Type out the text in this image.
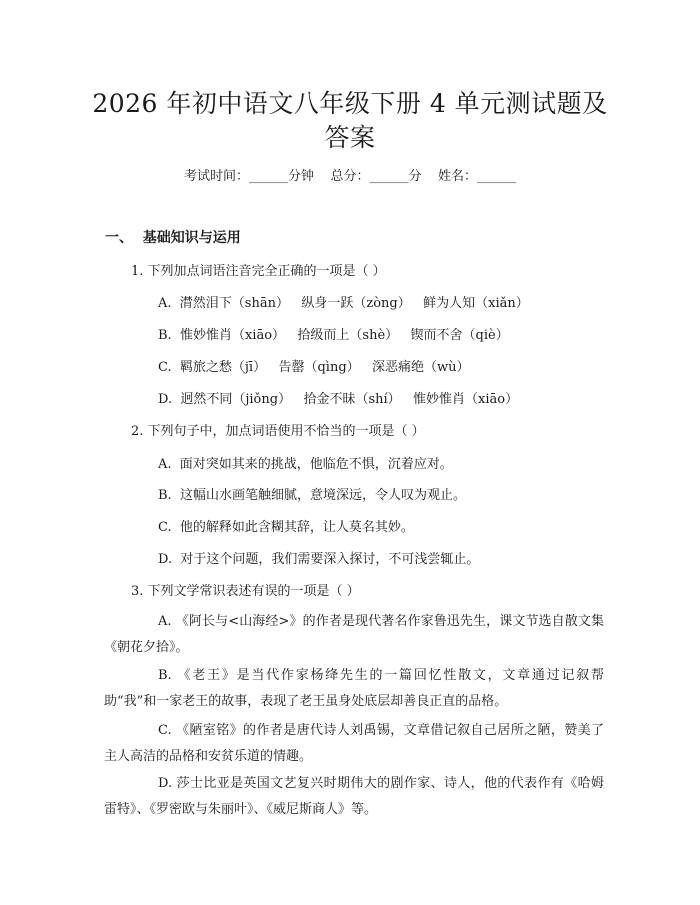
2026 年初中语文八年级下册 4 单元测试题及
答案
考试时间：______分钟    总分：______分    姓名：______
一、  基础知识与运用
1. 下列加点词语注音完全正确的一项是（ ）
A.  潸然泪下（shān）   纵身一跃（zòng）   鲜为人知（xiǎn）
B.  惟妙惟肖（xiāo）   拾级而上（shè）   锲而不舍（qiè）
C.  羁旅之愁（jī）   告罄（qìng）   深恶痛绝（wù）
D.  迥然不同（jiǒng）   拾金不昧（shí）   惟妙惟肖（xiāo）
2. 下列句子中，加点词语使用不恰当的一项是（ ）
A.  面对突如其来的挑战，他临危不惧，沉着应对。
B.  这幅山水画笔触细腻，意境深远，令人叹为观止。
C.  他的解释如此含糊其辞，让人莫名其妙。
D.  对于这个问题，我们需要深入探讨，不可浅尝辄止。
3. 下列文学常识表述有误的一项是（ ）
A. 《阿长与<山海经>》的作者是现代著名作家鲁迅先生，课文节选自散文集《朝花夕拾》。
B. 《老王》是当代作家杨绛先生的一篇回忆性散文，文章通过记叙帮助“我”和一家老王的故事，表现了老王虽身处底层却善良正直的品格。
C. 《陋室铭》的作者是唐代诗人刘禹锡，文章借记叙自己居所之陋，赞美了主人高洁的品格和安贫乐道的情趣。
D. 莎士比亚是英国文艺复兴时期伟大的剧作家、诗人，他的代表作有《哈姆雷特》、《罗密欧与朱丽叶》、《威尼斯商人》等。
